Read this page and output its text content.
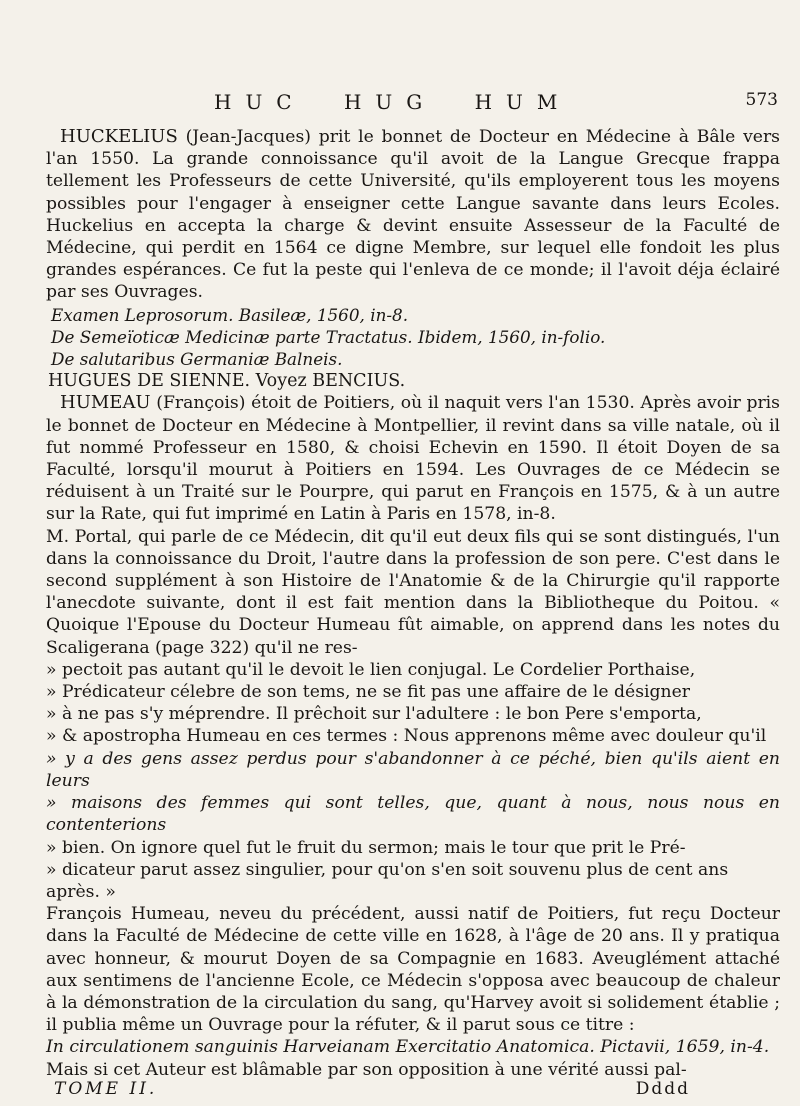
HUC HUG HUM	573

HUCKELIUS (Jean-Jacques) prit le bonnet de Docteur en Médecine à Bâle vers l'an 1550. La grande connoissance qu'il avoit de la Langue Grecque frappa tellement les Professeurs de cette Université, qu'ils employerent tous les moyens possibles pour l'engager à enseigner cette Langue savante dans leurs Ecoles. Huckelius en accepta la charge & devint ensuite Assesseur de la Faculté de Médecine, qui perdit en 1564 ce digne Membre, sur lequel elle fondoit les plus grandes espérances. Ce fut la peste qui l'enleva de ce monde; il l'avoit déja éclairé par ses Ouvrages.

Examen Leprosorum. Basileæ, 1560, in-8.
De Semeïoticæ Medicinæ parte Tractatus. Ibidem, 1560, in-folio.
De salutaribus Germaniæ Balneis.

HUGUES DE SIENNE. Voyez BENCIUS.

HUMEAU (François) étoit de Poitiers, où il naquit vers l'an 1530. Après avoir pris le bonnet de Docteur en Médecine à Montpellier, il revint dans sa ville natale, où il fut nommé Professeur en 1580, & choisi Echevin en 1590. Il étoit Doyen de sa Faculté, lorsqu'il mourut à Poitiers en 1594. Les Ouvrages de ce Médecin se réduisent à un Traité sur le Pourpre, qui parut en François en 1575, & à un autre sur la Rate, qui fut imprimé en Latin à Paris en 1578, in-8.

M. Portal, qui parle de ce Médecin, dit qu'il eut deux fils qui se sont distingués, l'un dans la connoissance du Droit, l'autre dans la profession de son pere. C'est dans le second supplément à son Histoire de l'Anatomie & de la Chirurgie qu'il rapporte l'anecdote suivante, dont il est fait mention dans la Bibliotheque du Poitou. « Quoique l'Epouse du Docteur Humeau fût aimable, on apprend dans les notes du Scaligerana (page 322) qu'il ne res-

» pectoit pas autant qu'il le devoit le lien conjugal. Le Cordelier Porthaise,
» Prédicateur célebre de son tems, ne se fit pas une affaire de le désigner
» à ne pas s'y méprendre. Il prêchoit sur l'adultere : le bon Pere s'emporta,
» & apostropha Humeau en ces termes : Nous apprenons même avec douleur qu'il
» y a des gens assez perdus pour s'abandonner à ce péché, bien qu'ils aient en leurs
» maisons des femmes qui sont telles, que, quant à nous, nous nous en contenterions
» bien. On ignore quel fut le fruit du sermon; mais le tour que prit le Pré-
» dicateur parut assez singulier, pour qu'on s'en soit souvenu plus de cent ans
après. »

François Humeau, neveu du précédent, aussi natif de Poitiers, fut reçu Docteur dans la Faculté de Médecine de cette ville en 1628, à l'âge de 20 ans. Il y pratiqua avec honneur, & mourut Doyen de sa Compagnie en 1683. Aveuglément attaché aux sentimens de l'ancienne Ecole, ce Médecin s'opposa avec beaucoup de chaleur à la démonstration de la circulation du sang, qu'Harvey avoit si solidement établie ; il publia même un Ouvrage pour la réfuter, & il parut sous ce titre :

In circulationem sanguinis Harveianam Exercitatio Anatomica. Pictavii, 1659, in-4.

Mais si cet Auteur est blâmable par son opposition à une vérité aussi pal-

TOME II.	Dddd
